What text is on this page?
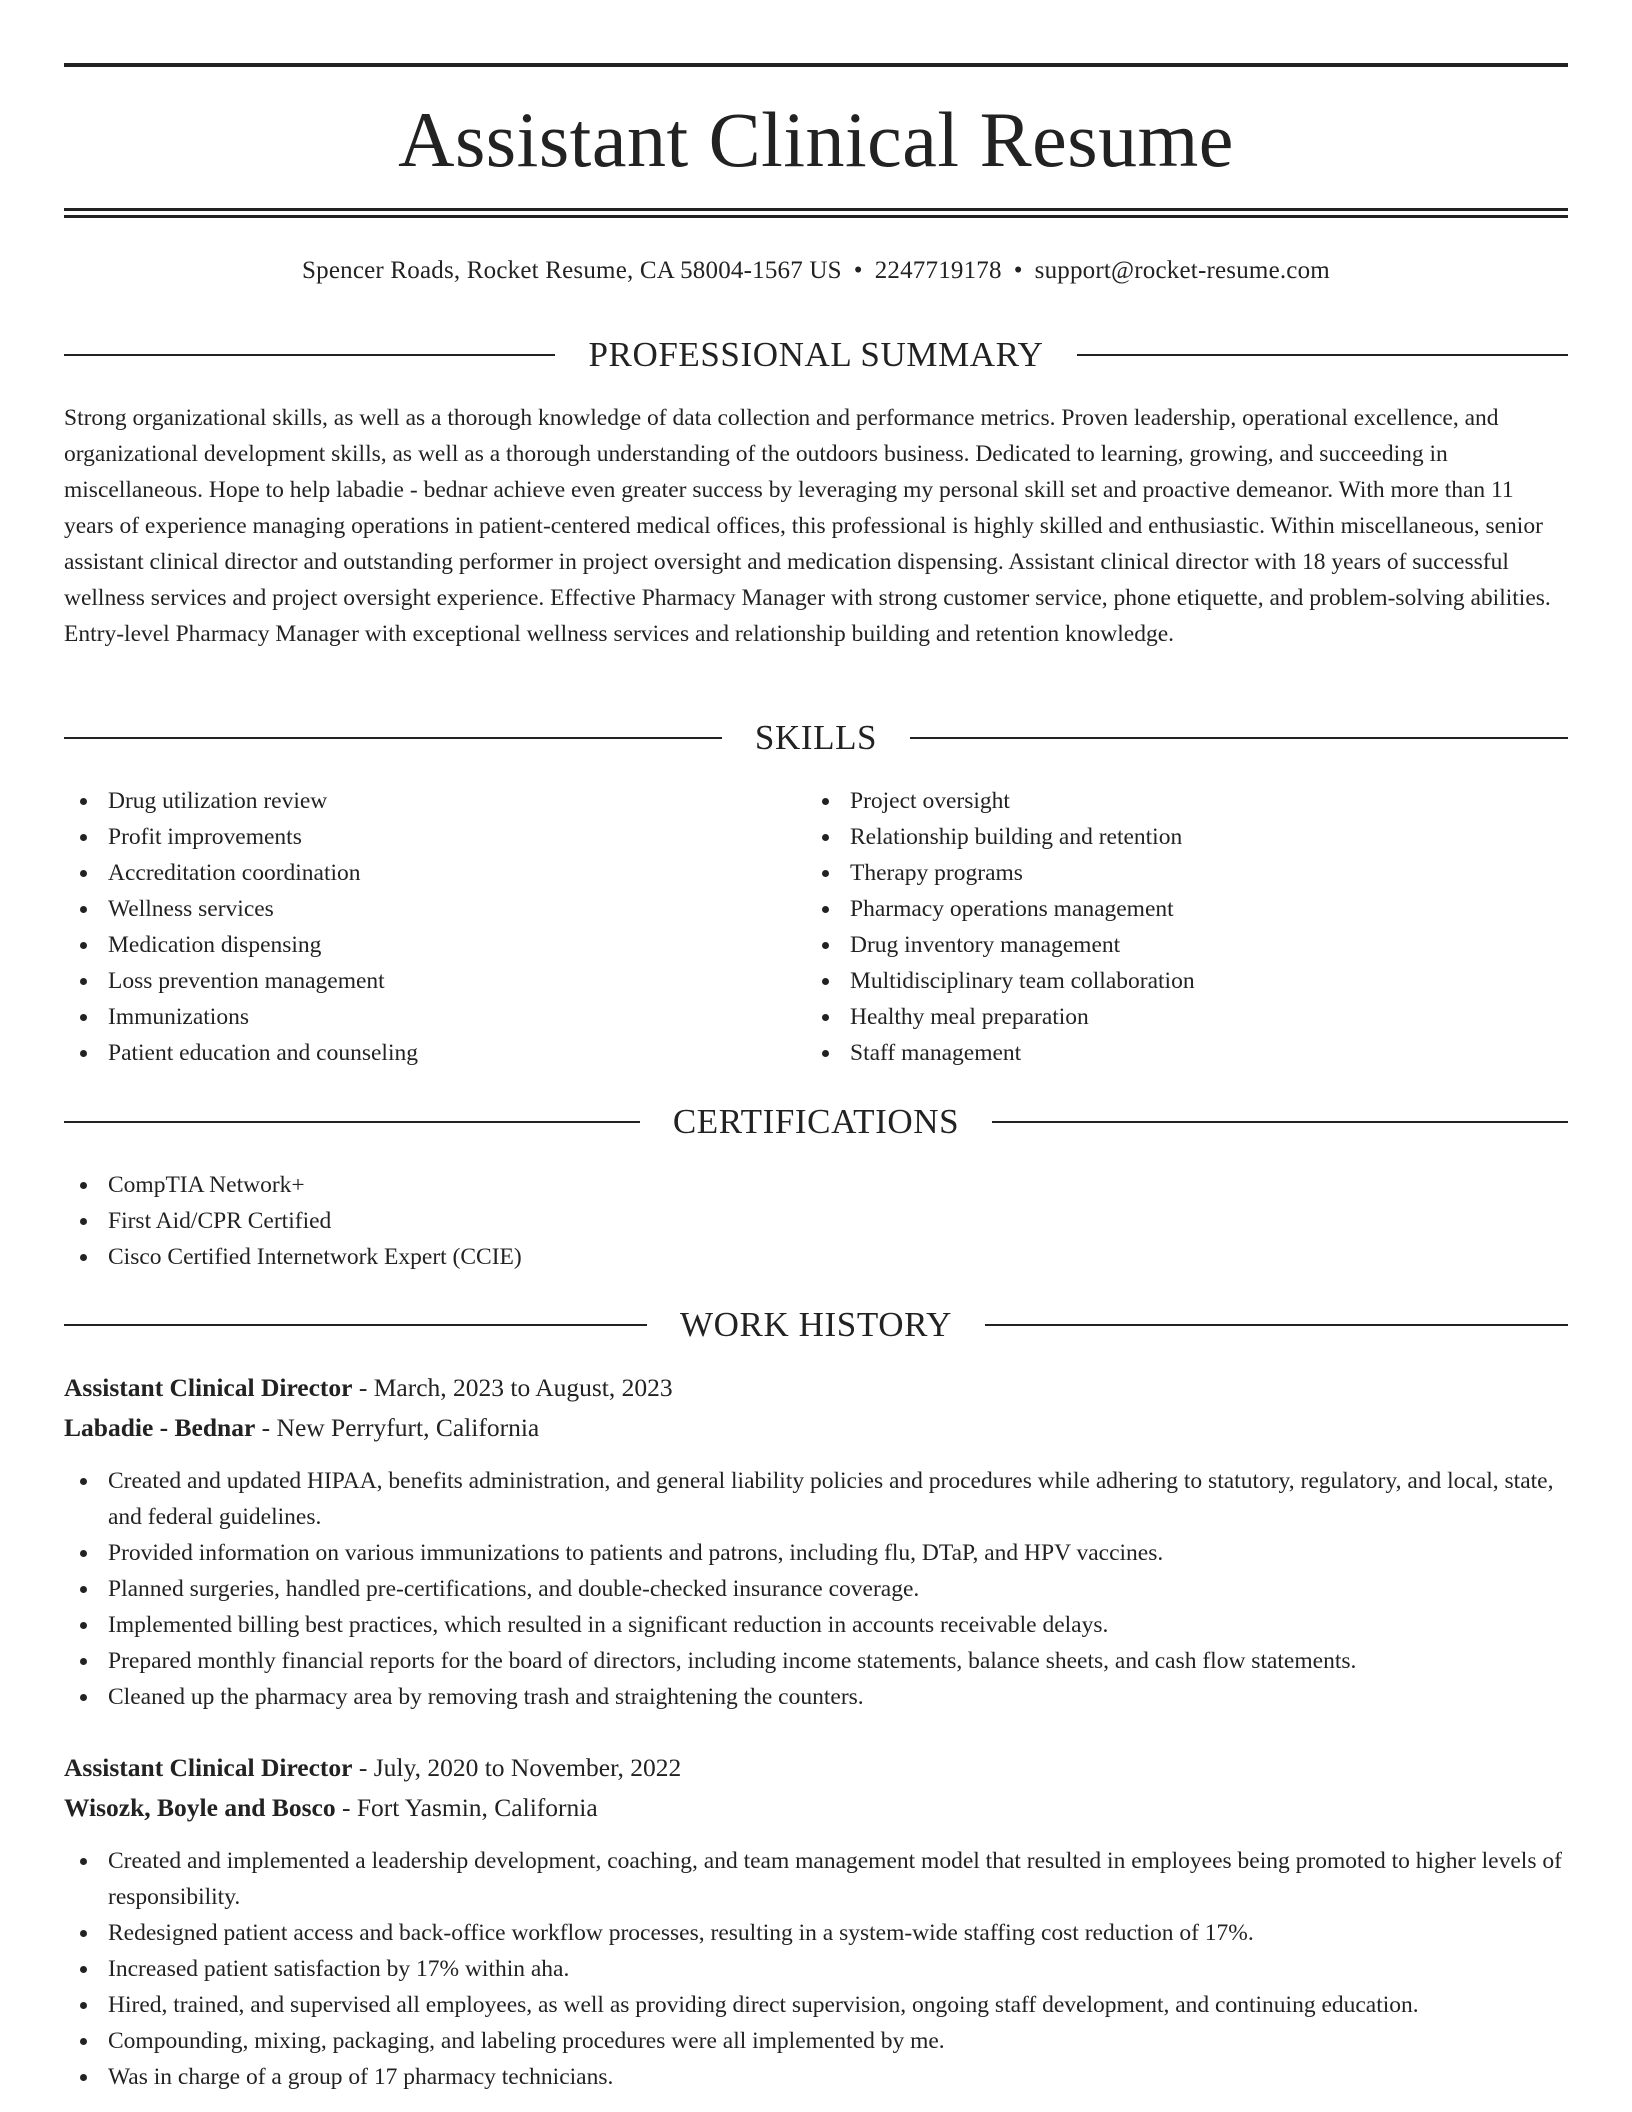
Assistant Clinical Resume
Spencer Roads, Rocket Resume, CA 58004-1567 US • 2247719178 • support@rocket-resume.com
PROFESSIONAL SUMMARY

Strong organizational skills, as well as a thorough knowledge of data collection and performance metrics. Proven leadership, operational excellence, and organizational development skills, as well as a thorough understanding of the outdoors business. Dedicated to learning, growing, and succeeding in miscellaneous. Hope to help labadie - bednar achieve even greater success by leveraging my personal skill set and proactive demeanor. With more than 11 years of experience managing operations in patient-centered medical offices, this professional is highly skilled and enthusiastic. Within miscellaneous, senior assistant clinical director and outstanding performer in project oversight and medication dispensing. Assistant clinical director with 18 years of successful wellness services and project oversight experience. Effective Pharmacy Manager with strong customer service, phone etiquette, and problem-solving abilities. Entry-level Pharmacy Manager with exceptional wellness services and relationship building and retention knowledge.

SKILLS
Drug utilization review
Profit improvements
Accreditation coordination
Wellness services
Medication dispensing
Loss prevention management
Immunizations
Patient education and counseling
Project oversight
Relationship building and retention
Therapy programs
Pharmacy operations management
Drug inventory management
Multidisciplinary team collaboration
Healthy meal preparation
Staff management
CERTIFICATIONS
CompTIA Network+
First Aid/CPR Certified
Cisco Certified Internetwork Expert (CCIE)
WORK HISTORY
Assistant Clinical Director - March, 2023 to August, 2023
Labadie - Bednar - New Perryfurt, California
Created and updated HIPAA, benefits administration, and general liability policies and procedures while adhering to statutory, regulatory, and local, state, and federal guidelines.
Provided information on various immunizations to patients and patrons, including flu, DTaP, and HPV vaccines.
Planned surgeries, handled pre-certifications, and double-checked insurance coverage.
Implemented billing best practices, which resulted in a significant reduction in accounts receivable delays.
Prepared monthly financial reports for the board of directors, including income statements, balance sheets, and cash flow statements.
Cleaned up the pharmacy area by removing trash and straightening the counters.
Assistant Clinical Director - July, 2020 to November, 2022
Wisozk, Boyle and Bosco - Fort Yasmin, California
Created and implemented a leadership development, coaching, and team management model that resulted in employees being promoted to higher levels of responsibility.
Redesigned patient access and back-office workflow processes, resulting in a system-wide staffing cost reduction of 17%.
Increased patient satisfaction by 17% within aha.
Hired, trained, and supervised all employees, as well as providing direct supervision, ongoing staff development, and continuing education.
Compounding, mixing, packaging, and labeling procedures were all implemented by me.
Was in charge of a group of 17 pharmacy technicians.
